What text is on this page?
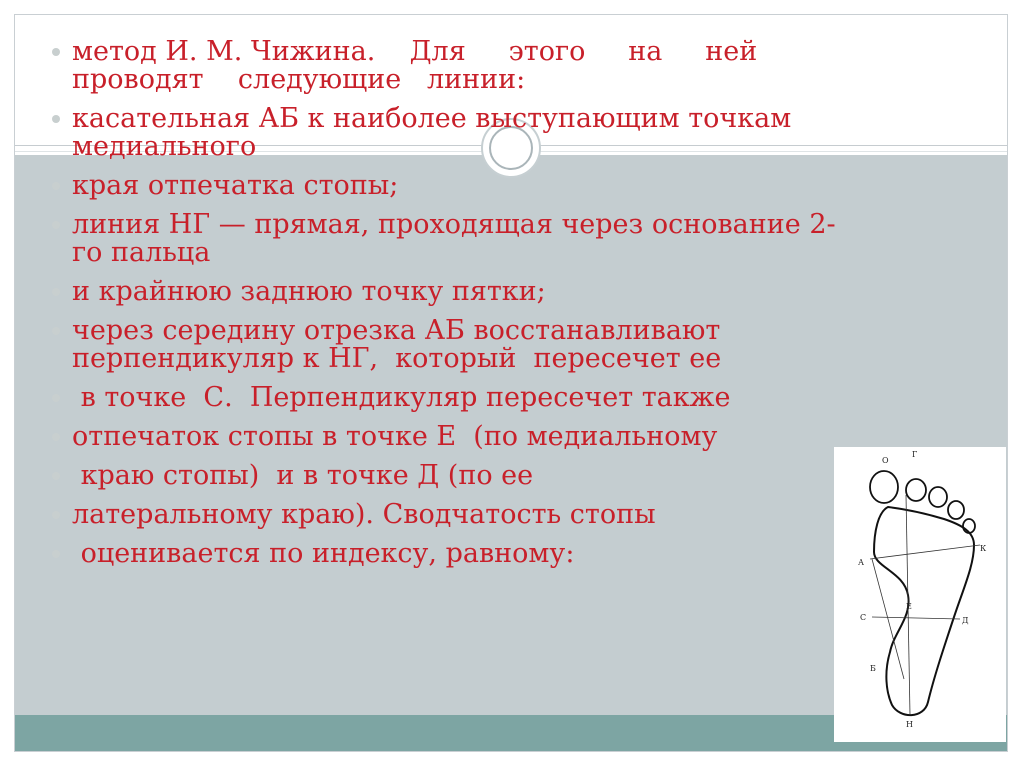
метод И. М. Чижина.    Для     этого     на     ней
проводят    следующие   линии:
касательная АБ к наиболее выступающим точкам
медиального
края отпечатка стопы;
линия НГ — прямая, проходящая через основание 2-
го пальца
и крайнюю заднюю точку пятки;
через середину отрезка АБ восстанавливают
перпендикуляр к НГ,  который  пересечет ее
в точке  С.  Перпендикуляр пересечет также
отпечаток стопы в точке Е  (по медиальному
краю стопы)  и в точке Д (по ее
латеральному краю). Сводчатость стопы
оценивается по индексу, равному:
О
Г
А
К
С
Е
Д
Б
Н
